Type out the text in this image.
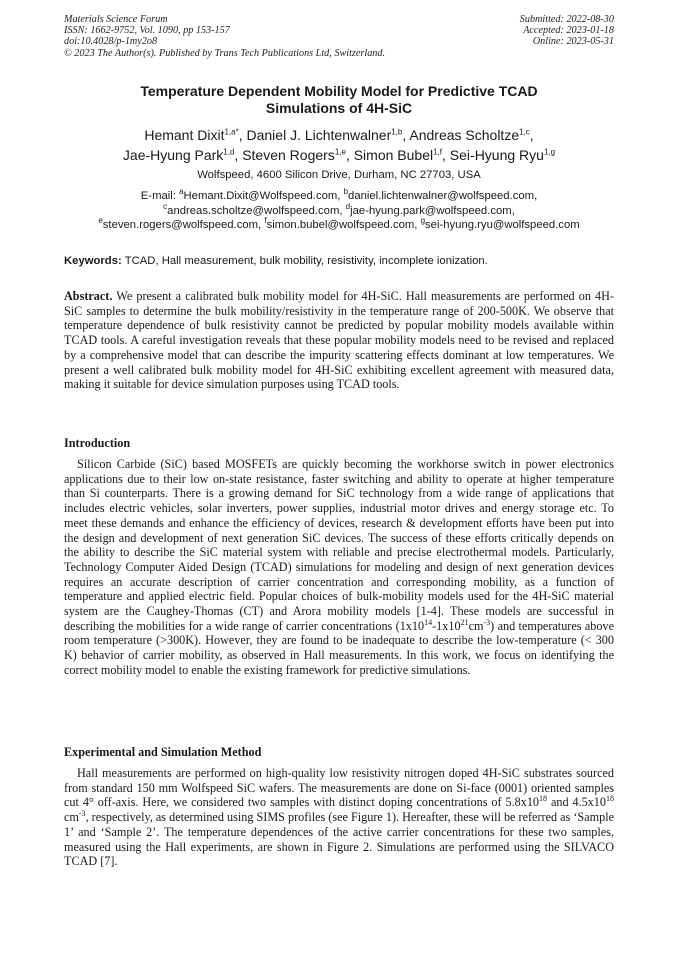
Materials Science Forum
ISSN: 1662-9752, Vol. 1090, pp 153-157
doi:10.4028/p-1my2o8
© 2023 The Author(s). Published by Trans Tech Publications Ltd, Switzerland.
Submitted: 2022-08-30
Accepted: 2023-01-18
Online: 2023-05-31
Temperature Dependent Mobility Model for Predictive TCAD
Simulations of 4H-SiC
Hemant Dixit$^{1,a*}$, Daniel J. Lichtenwalner$^{1,b}$, Andreas Scholtze$^{1,c}$,
Jae-Hyung Park$^{1,d}$, Steven Rogers$^{1,e}$, Simon Bubel$^{1,f}$, Sei-Hyung Ryu$^{1,g}$
Wolfspeed, 4600 Silicon Drive, Durham, NC 27703, USA
E-mail: $^a$Hemant.Dixit@Wolfspeed.com, $^b$daniel.lichtenwalner@wolfspeed.com,
$^c$andreas.scholtze@wolfspeed.com, $^d$jae-hyung.park@wolfspeed.com,
$^e$steven.rogers@wolfspeed.com, $^f$simon.bubel@wolfspeed.com, $^g$sei-hyung.ryu@wolfspeed.com
Keywords: TCAD, Hall measurement, bulk mobility, resistivity, incomplete ionization.
Abstract. We present a calibrated bulk mobility model for 4H-SiC. Hall measurements are performed on 4H-SiC samples to determine the bulk mobility/resistivity in the temperature range of 200-500K. We observe that temperature dependence of bulk resistivity cannot be predicted by popular mobility models available within TCAD tools. A careful investigation reveals that these popular mobility models need to be revised and replaced by a comprehensive model that can describe the impurity scattering effects dominant at low temperatures. We present a well calibrated bulk mobility model for 4H-SiC exhibiting excellent agreement with measured data, making it suitable for device simulation purposes using TCAD tools.
Introduction
Silicon Carbide (SiC) based MOSFETs are quickly becoming the workhorse switch in power electronics applications due to their low on-state resistance, faster switching and ability to operate at higher temperature than Si counterparts. There is a growing demand for SiC technology from a wide range of applications that includes electric vehicles, solar inverters, power supplies, industrial motor drives and energy storage etc. To meet these demands and enhance the efficiency of devices, research & development efforts have been put into the design and development of next generation SiC devices. The success of these efforts critically depends on the ability to describe the SiC material system with reliable and precise electrothermal models. Particularly, Technology Computer Aided Design (TCAD) simulations for modeling and design of next generation devices requires an accurate description of carrier concentration and corresponding mobility, as a function of temperature and applied electric field. Popular choices of bulk-mobility models used for the 4H-SiC material system are the Caughey-Thomas (CT) and Arora mobility models [1-4]. These models are successful in describing the mobilities for a wide range of carrier concentrations $(1x10^{14}-1x10^{21}cm^{-3})$ and temperatures above room temperature (>300K). However, they are found to be inadequate to describe the low-temperature (< 300 K) behavior of carrier mobility, as observed in Hall measurements. In this work, we focus on identifying the correct mobility model to enable the existing framework for predictive simulations.
Experimental and Simulation Method
Hall measurements are performed on high-quality low resistivity nitrogen doped 4H-SiC substrates sourced from standard 150 mm Wolfspeed SiC wafers. The measurements are done on Si-face (0001) oriented samples cut 4° off-axis. Here, we considered two samples with distinct doping concentrations of $5.8x10^{18}$ and $4.5x10^{18}$ $cm^{-3}$, respectively, as determined using SIMS profiles (see Figure 1). Hereafter, these will be referred as ‘Sample 1’ and ‘Sample 2’. The temperature dependences of the active carrier concentrations for these two samples, measured using the Hall experiments, are shown in Figure 2. Simulations are performed using the SILVACO TCAD [7].
